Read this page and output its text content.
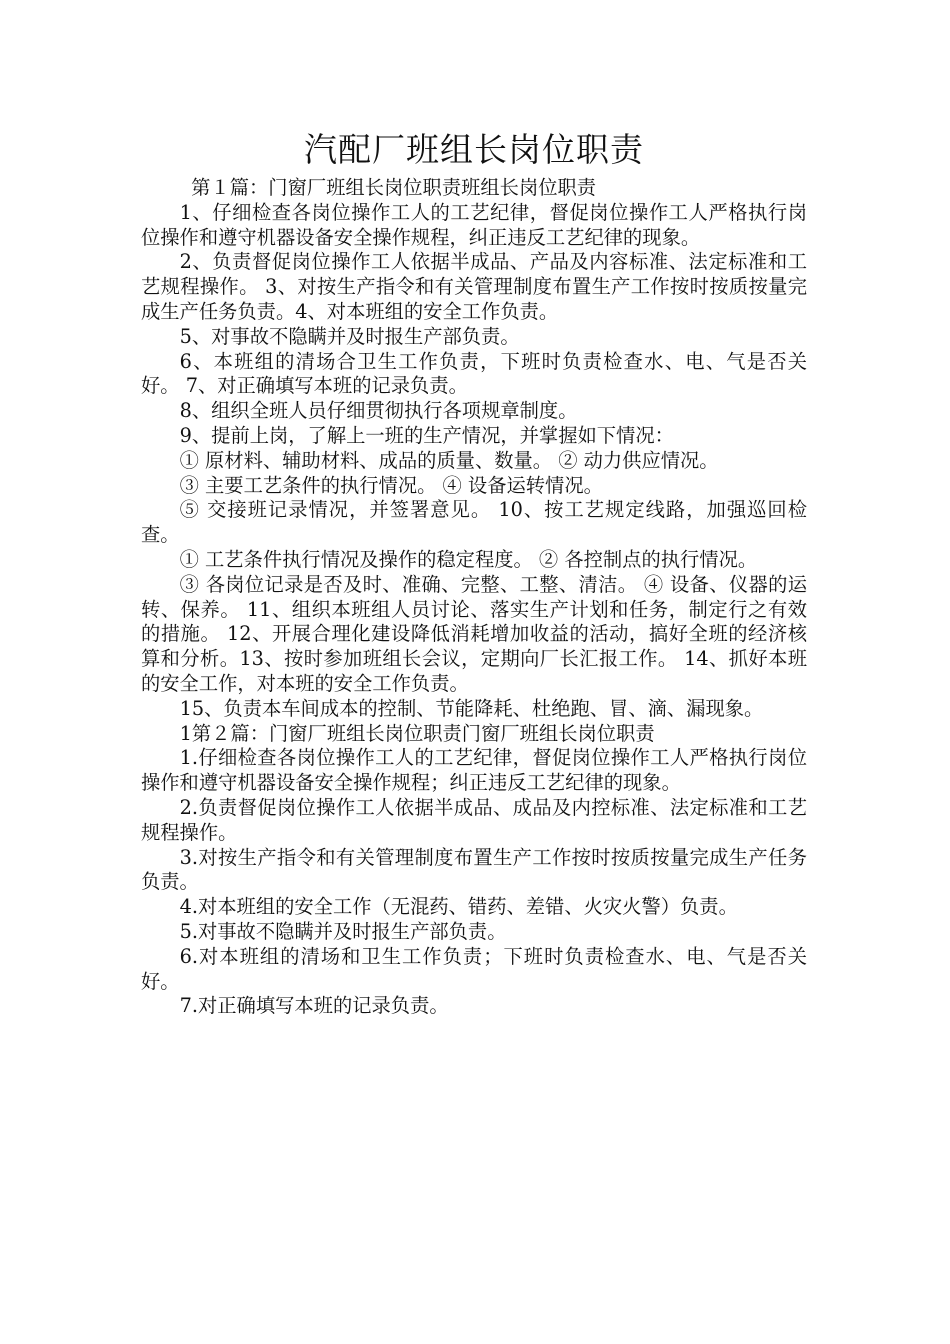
汽配厂班组长岗位职责

第１篇：门窗厂班组长岗位职责班组长岗位职责

1、仔细检查各岗位操作工人的工艺纪律，督促岗位操作工人严格执行岗位操作和遵守机器设备安全操作规程，纠正违反工艺纪律的现象。

2、负责督促岗位操作工人依据半成品、产品及内容标准、法定标准和工艺规程操作。 3、对按生产指令和有关管理制度布置生产工作按时按质按量完成生产任务负责。4、对本班组的安全工作负责。

5、对事故不隐瞒并及时报生产部负责。

6、本班组的清场合卫生工作负责，下班时负责检查水、电、气是否关好。 7、对正确填写本班的记录负责。

8、组织全班人员仔细贯彻执行各项规章制度。

9、提前上岗，了解上一班的生产情况，并掌握如下情况：

① 原材料、辅助材料、成品的质量、数量。 ② 动力供应情况。

③ 主要工艺条件的执行情况。 ④ 设备运转情况。

⑤ 交接班记录情况，并签署意见。 10、按工艺规定线路，加强巡回检查。

① 工艺条件执行情况及操作的稳定程度。 ② 各控制点的执行情况。

③ 各岗位记录是否及时、准确、完整、工整、清洁。 ④ 设备、仪器的运转、保养。 11、组织本班组人员讨论、落实生产计划和任务，制定行之有效的措施。 12、开展合理化建设降低消耗增加收益的活动，搞好全班的经济核算和分析。13、按时参加班组长会议，定期向厂长汇报工作。 14、抓好本班的安全工作，对本班的安全工作负责。

15、负责本车间成本的控制、节能降耗、杜绝跑、冒、滴、漏现象。

1第２篇：门窗厂班组长岗位职责门窗厂班组长岗位职责

1.仔细检查各岗位操作工人的工艺纪律，督促岗位操作工人严格执行岗位操作和遵守机器设备安全操作规程；纠正违反工艺纪律的现象。

2.负责督促岗位操作工人依据半成品、成品及内控标准、法定标准和工艺规程操作。

3.对按生产指令和有关管理制度布置生产工作按时按质按量完成生产任务负责。

4.对本班组的安全工作（无混药、错药、差错、火灾火警）负责。

5.对事故不隐瞒并及时报生产部负责。

6.对本班组的清场和卫生工作负责；下班时负责检查水、电、气是否关好。

7.对正确填写本班的记录负责。
